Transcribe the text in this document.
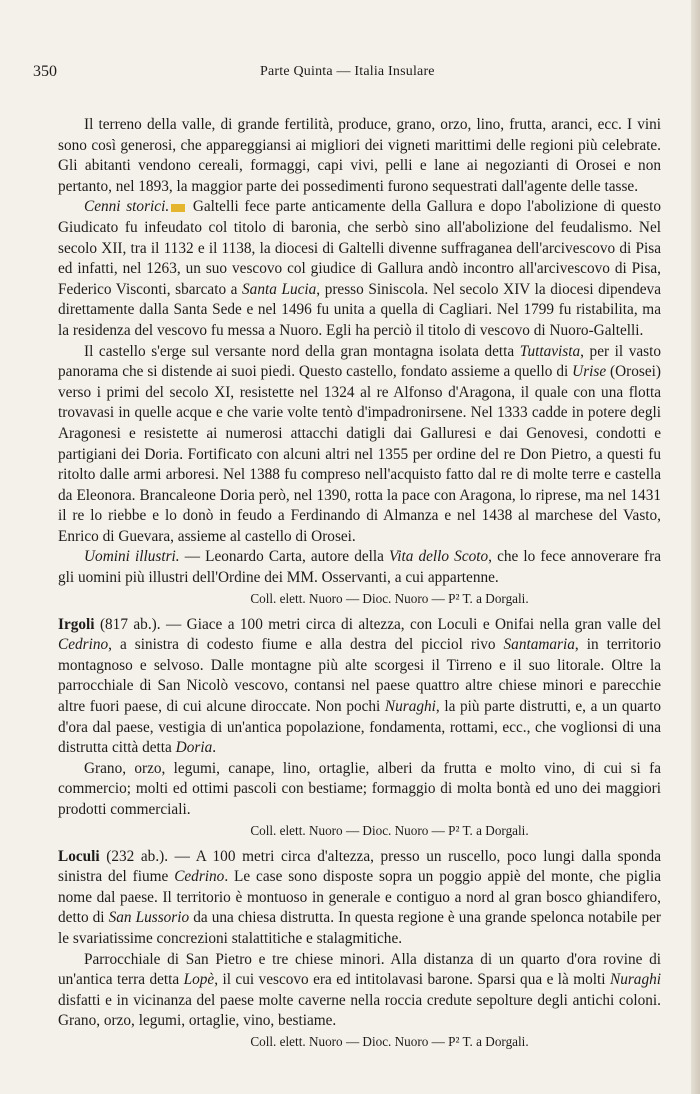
350	Parte Quinta — Italia Insulare

Il terreno della valle, di grande fertilità, produce, grano, orzo, lino, frutta, aranci, ecc. I vini sono così generosi, che appareggiansi ai migliori dei vigneti marittimi delle regioni più celebrate. Gli abitanti vendono cereali, formaggi, capi vivi, pelli e lane ai negozianti di Orosei e non pertanto, nel 1893, la maggior parte dei possedimenti furono sequestrati dall'agente delle tasse.

Cenni storici. Galtelli fece parte anticamente della Gallura e dopo l'abolizione di questo Giudicato fu infeudato col titolo di baronia, che serbò sino all'abolizione del feudalismo. Nel secolo XII, tra il 1132 e il 1138, la diocesi di Galtelli divenne suffraganea dell'arcivescovo di Pisa ed infatti, nel 1263, un suo vescovo col giudice di Gallura andò incontro all'arcivescovo di Pisa, Federico Visconti, sbarcato a Santa Lucia, presso Siniscola. Nel secolo XIV la diocesi dipendeva direttamente dalla Santa Sede e nel 1496 fu unita a quella di Cagliari. Nel 1799 fu ristabilita, ma la residenza del vescovo fu messa a Nuoro. Egli ha perciò il titolo di vescovo di Nuoro-Galtelli.

Il castello s'erge sul versante nord della gran montagna isolata detta Tuttavista, per il vasto panorama che si distende ai suoi piedi. Questo castello, fondato assieme a quello di Urise (Orosei) verso i primi del secolo XI, resistette nel 1324 al re Alfonso d'Aragona, il quale con una flotta trovavasi in quelle acque e che varie volte tentò d'impadronirsene. Nel 1333 cadde in potere degli Aragonesi e resistette ai numerosi attacchi datigli dai Galluresi e dai Genovesi, condotti e partigiani dei Doria. Fortificato con alcuni altri nel 1355 per ordine del re Don Pietro, a questi fu ritolto dalle armi arboresi. Nel 1388 fu compreso nell'acquisto fatto dal re di molte terre e castella da Eleonora. Brancaleone Doria però, nel 1390, rotta la pace con Aragona, lo riprese, ma nel 1431 il re lo riebbe e lo donò in feudo a Ferdinando di Almanza e nel 1438 al marchese del Vasto, Enrico di Guevara, assieme al castello di Orosei.

Uomini illustri. — Leonardo Carta, autore della Vita dello Scoto, che lo fece annoverare fra gli uomini più illustri dell'Ordine dei MM. Osservanti, a cui appartenne.

Coll. elett. Nuoro — Dioc. Nuoro — P² T. a Dorgali.

Irgoli (817 ab.). — Giace a 100 metri circa di altezza, con Loculi e Onifai nella gran valle del Cedrino, a sinistra di codesto fiume e alla destra del picciol rivo Santamaria, in territorio montagnoso e selvoso. Dalle montagne più alte scorgesi il Tirreno e il suo litorale. Oltre la parrocchiale di San Nicolò vescovo, contansi nel paese quattro altre chiese minori e parecchie altre fuori paese, di cui alcune diroccate. Non pochi Nuraghi, la più parte distrutti, e, a un quarto d'ora dal paese, vestigia di un'antica popolazione, fondamenta, rottami, ecc., che voglionsi di una distrutta città detta Doria.

Grano, orzo, legumi, canape, lino, ortaglie, alberi da frutta e molto vino, di cui si fa commercio; molti ed ottimi pascoli con bestiame; formaggio di molta bontà ed uno dei maggiori prodotti commerciali.

Coll. elett. Nuoro — Dioc. Nuoro — P² T. a Dorgali.

Loculi (232 ab.). — A 100 metri circa d'altezza, presso un ruscello, poco lungi dalla sponda sinistra del fiume Cedrino. Le case sono disposte sopra un poggio appiè del monte, che piglia nome dal paese. Il territorio è montuoso in generale e contiguo a nord al gran bosco ghiandifero, detto di San Lussorio da una chiesa distrutta. In questa regione è una grande spelonca notabile per le svariatissime concrezioni stalattitiche e stalagmitiche.

Parrocchiale di San Pietro e tre chiese minori. Alla distanza di un quarto d'ora rovine di un'antica terra detta Lopè, il cui vescovo era ed intitolavasi barone. Sparsi qua e là molti Nuraghi disfatti e in vicinanza del paese molte caverne nella roccia credute sepolture degli antichi coloni. Grano, orzo, legumi, ortaglie, vino, bestiame.

Coll. elett. Nuoro — Dioc. Nuoro — P² T. a Dorgali.
